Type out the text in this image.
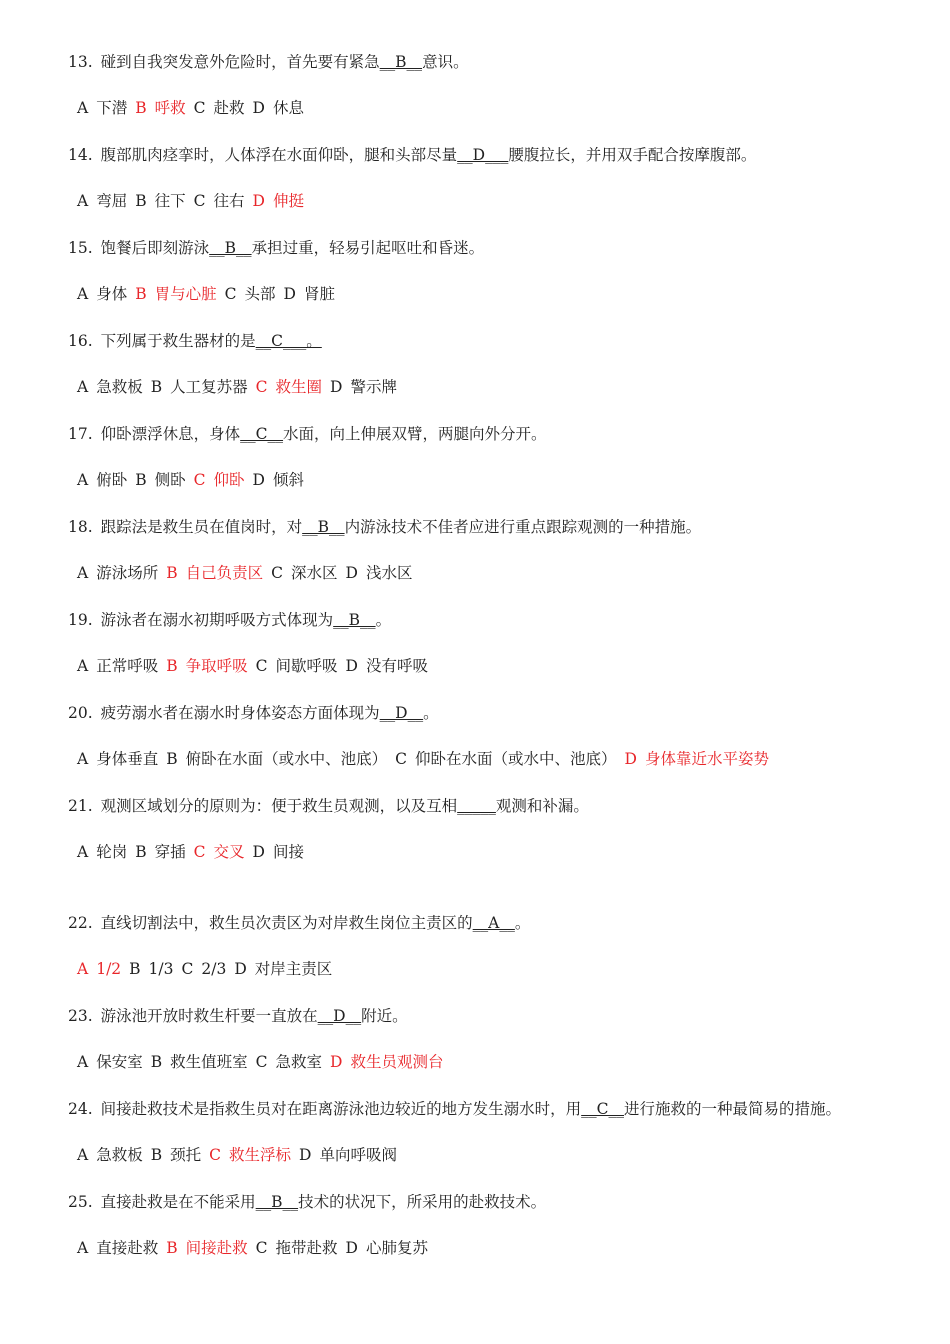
13. 碰到自我突发意外危险时，首先要有紧急__B__意识。
A 下潜 B 呼救 C 赴救 D 休息
14. 腹部肌肉痉挛时，人体浮在水面仰卧，腿和头部尽量__D___腰腹拉长，并用双手配合按摩腹部。
A 弯屈 B 往下 C 往右 D 伸挺
15. 饱餐后即刻游泳__B__承担过重，轻易引起呕吐和昏迷。
A 身体 B 胃与心脏 C 头部 D 肾脏
16. 下列属于救生器材的是__C___。
A 急救板 B 人工复苏器 C 救生圈 D 警示牌
17. 仰卧漂浮休息，身体__C__水面，向上伸展双臂，两腿向外分开。
A 俯卧 B 侧卧 C 仰卧 D 倾斜
18. 跟踪法是救生员在值岗时，对__B__内游泳技术不佳者应进行重点跟踪观测的一种措施。
A 游泳场所 B 自己负责区 C 深水区 D 浅水区
19. 游泳者在溺水初期呼吸方式体现为__B__。
A 正常呼吸 B 争取呼吸 C 间歇呼吸 D 没有呼吸
20. 疲劳溺水者在溺水时身体姿态方面体现为__D__。
A 身体垂直 B 俯卧在水面（或水中、池底） C 仰卧在水面（或水中、池底） D 身体靠近水平姿势
21. 观测区域划分的原则为：便于救生员观测，以及互相_____观测和补漏。
A 轮岗 B 穿插 C 交叉 D 间接
22. 直线切割法中，救生员次责区为对岸救生岗位主责区的__A__。
A 1/2 B 1/3 C 2/3 D 对岸主责区
23. 游泳池开放时救生杆要一直放在__D__附近。
A 保安室 B 救生值班室 C 急救室 D 救生员观测台
24. 间接赴救技术是指救生员对在距离游泳池边较近的地方发生溺水时，用__C__进行施救的一种最简易的措施。
A 急救板 B 颈托 C 救生浮标 D 单向呼吸阀
25. 直接赴救是在不能采用__B__技术的状况下，所采用的赴救技术。
A 直接赴救 B 间接赴救 C 拖带赴救 D 心肺复苏
